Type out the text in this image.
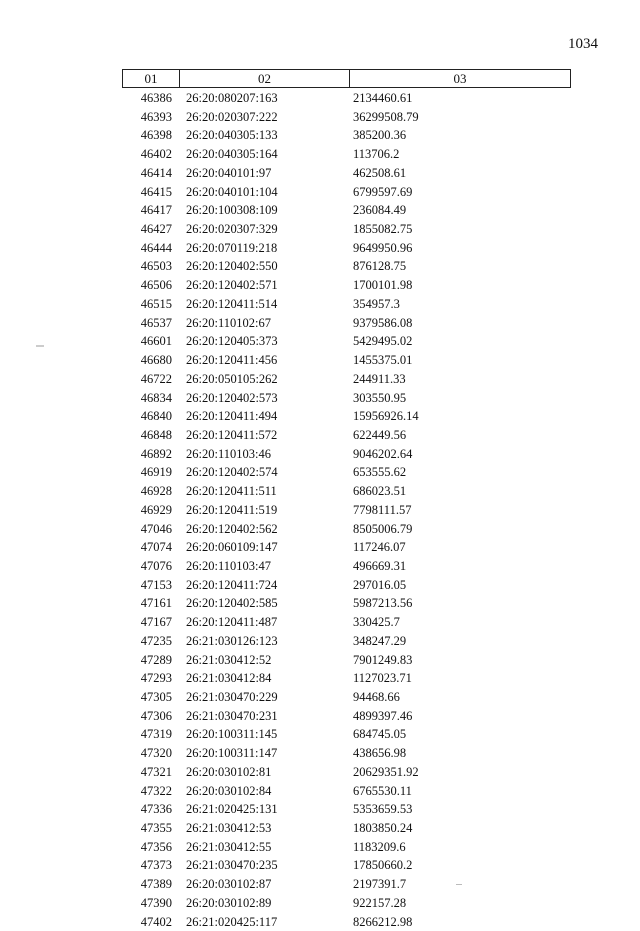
1034
01	02	03
46386	26:20:080207:163	2134460.61
46393	26:20:020307:222	36299508.79
46398	26:20:040305:133	385200.36
46402	26:20:040305:164	113706.2
46414	26:20:040101:97	462508.61
46415	26:20:040101:104	6799597.69
46417	26:20:100308:109	236084.49
46427	26:20:020307:329	1855082.75
46444	26:20:070119:218	9649950.96
46503	26:20:120402:550	876128.75
46506	26:20:120402:571	1700101.98
46515	26:20:120411:514	354957.3
46537	26:20:110102:67	9379586.08
46601	26:20:120405:373	5429495.02
46680	26:20:120411:456	1455375.01
46722	26:20:050105:262	244911.33
46834	26:20:120402:573	303550.95
46840	26:20:120411:494	15956926.14
46848	26:20:120411:572	622449.56
46892	26:20:110103:46	9046202.64
46919	26:20:120402:574	653555.62
46928	26:20:120411:511	686023.51
46929	26:20:120411:519	7798111.57
47046	26:20:120402:562	8505006.79
47074	26:20:060109:147	117246.07
47076	26:20:110103:47	496669.31
47153	26:20:120411:724	297016.05
47161	26:20:120402:585	5987213.56
47167	26:20:120411:487	330425.7
47235	26:21:030126:123	348247.29
47289	26:21:030412:52	7901249.83
47293	26:21:030412:84	1127023.71
47305	26:21:030470:229	94468.66
47306	26:21:030470:231	4899397.46
47319	26:20:100311:145	684745.05
47320	26:20:100311:147	438656.98
47321	26:20:030102:81	20629351.92
47322	26:20:030102:84	6765530.11
47336	26:21:020425:131	5353659.53
47355	26:21:030412:53	1803850.24
47356	26:21:030412:55	1183209.6
47373	26:21:030470:235	17850660.2
47389	26:20:030102:87	2197391.7
47390	26:20:030102:89	922157.28
47402	26:21:020425:117	8266212.98
